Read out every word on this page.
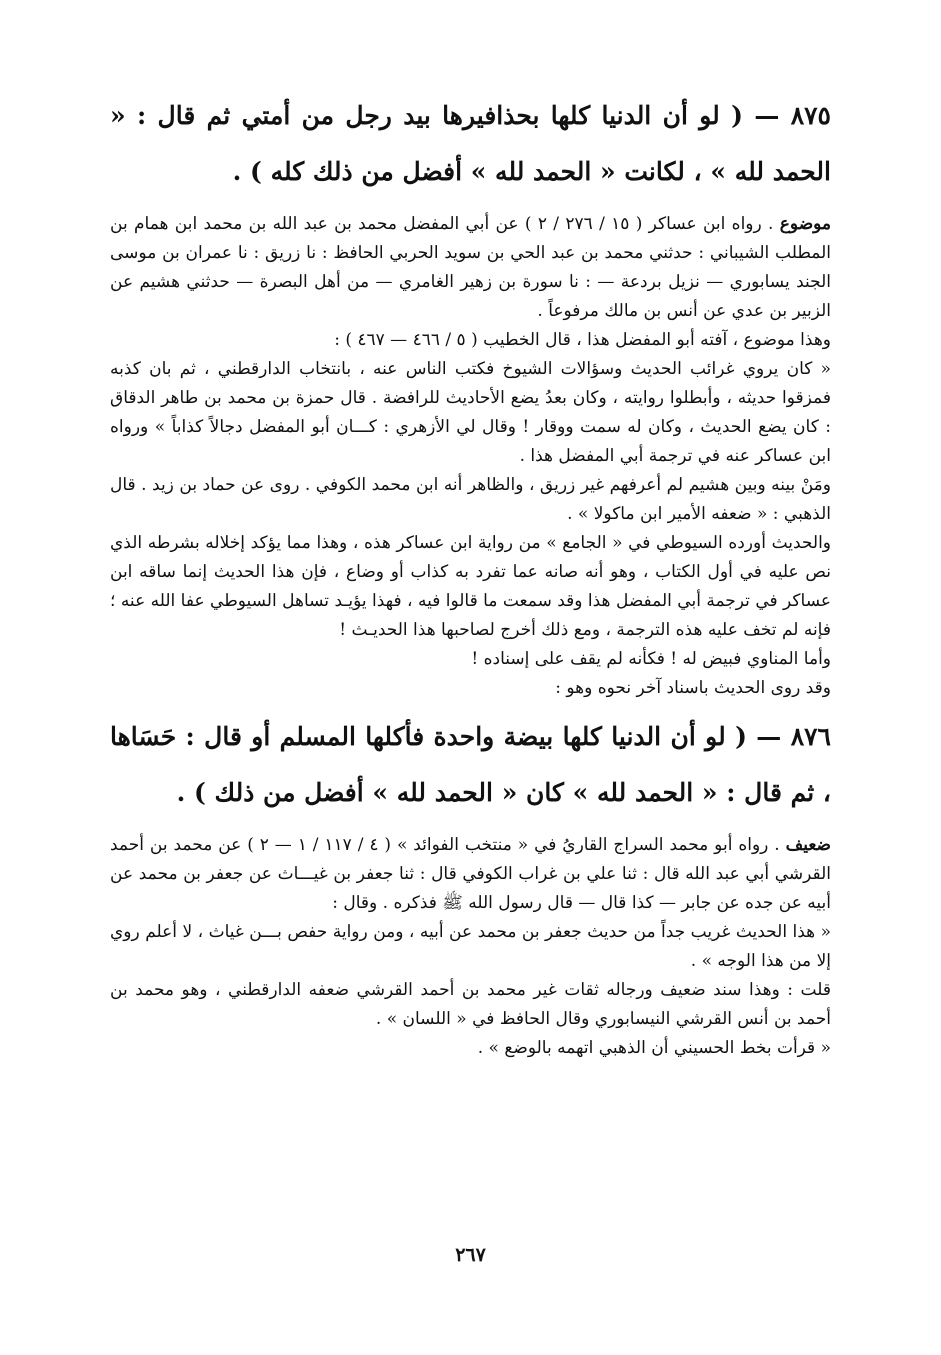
٨٧٥ — ( لو أن الدنيا كلها بحذافيرها بيد رجل من أمتي ثم قال : « الحمد لله » ، لكانت « الحمد لله » أفضل من ذلك كله ) .

موضوع . رواه ابن عساكر ( ١٥ / ٢٧٦ / ٢ ) عن أبي المفضل محمد بن عبد الله بن محمد ابن همام بن المطلب الشيباني : حدثني محمد بن عبد الحي بن سويد الحربي الحافظ : نا زريق : نا عمران بن موسى الجند يسابوري — نزيل بردعة — : نا سورة بن زهير الغامري — من أهل البصرة — حدثني هشيم عن الزبير بن عدي عن أنس بن مالك مرفوعاً .

وهذا موضوع ، آفته أبو المفضل هذا ، قال الخطيب ( ٥ / ٤٦٦ — ٤٦٧ ) :

« كان يروي غرائب الحديث وسؤالات الشيوخ فكتب الناس عنه ، بانتخاب الدارقطني ، ثم بان كذبه فمزقوا حديثه ، وأبطلوا روايته ، وكان بعدُ يضع الأحاديث للرافضة . قال حمزة بن محمد بن طاهر الدقاق : كان يضع الحديث ، وكان له سمت ووقار ! وقال لي الأزهري : كـــان أبو المفضل دجالاً كذاباً » ورواه ابن عساكر عنه في ترجمة أبي المفضل هذا .

ومَنْ بينه وبين هشيم لم أعرفهم غير زريق ، والظاهر أنه ابن محمد الكوفي . روى عن حماد بن زيد . قال الذهبي : « ضعفه الأمير ابن ماكولا » .

والحديث أورده السيوطي في « الجامع » من رواية ابن عساكر هذه ، وهذا مما يؤكد إخلاله بشرطه الذي نص عليه في أول الكتاب ، وهو أنه صانه عما تفرد به كذاب أو وضاع ، فإن هذا الحديث إنما ساقه ابن عساكر في ترجمة أبي المفضل هذا وقد سمعت ما قالوا فيه ، فهذا يؤيـد تساهل السيوطي عفا الله عنه ؛ فإنه لم تخف عليه هذه الترجمة ، ومع ذلك أخرج لصاحبها هذا الحديـث !

وأما المناوي فبيض له ! فكأنه لم يقف على إسناده !

وقد روى الحديث باسناد آخر نحوه وهو :

٨٧٦ — ( لو أن الدنيا كلها بيضة واحدة فأكلها المسلم أو قال : حَسَاها ، ثم قال : « الحمد لله » كان « الحمد لله » أفضل من ذلك ) .

ضعيف . رواه أبو محمد السراج القاريُ في « منتخب الفوائد » ( ٤ / ١١٧ / ١ — ٢ ) عن محمد بن أحمد القرشي أبي عبد الله قال : ثنا علي بن غراب الكوفي قال : ثنا جعفر بن غيـــاث عن جعفر بن محمد عن أبيه عن جده عن جابر — كذا قال — قال رسول الله ﷺ فذكره . وقال :

« هذا الحديث غريب جداً من حديث جعفر بن محمد عن أبيه ، ومن رواية حفص بـــن غياث ، لا أعلم روي إلا من هذا الوجه » .

قلت : وهذا سند ضعيف ورجاله ثقات غير محمد بن أحمد القرشي ضعفه الدارقطني ، وهو محمد بن أحمد بن أنس القرشي النيسابوري وقال الحافظ في « اللسان » .

« قرأت بخط الحسيني أن الذهبي اتهمه بالوضع » .

٢٦٧
